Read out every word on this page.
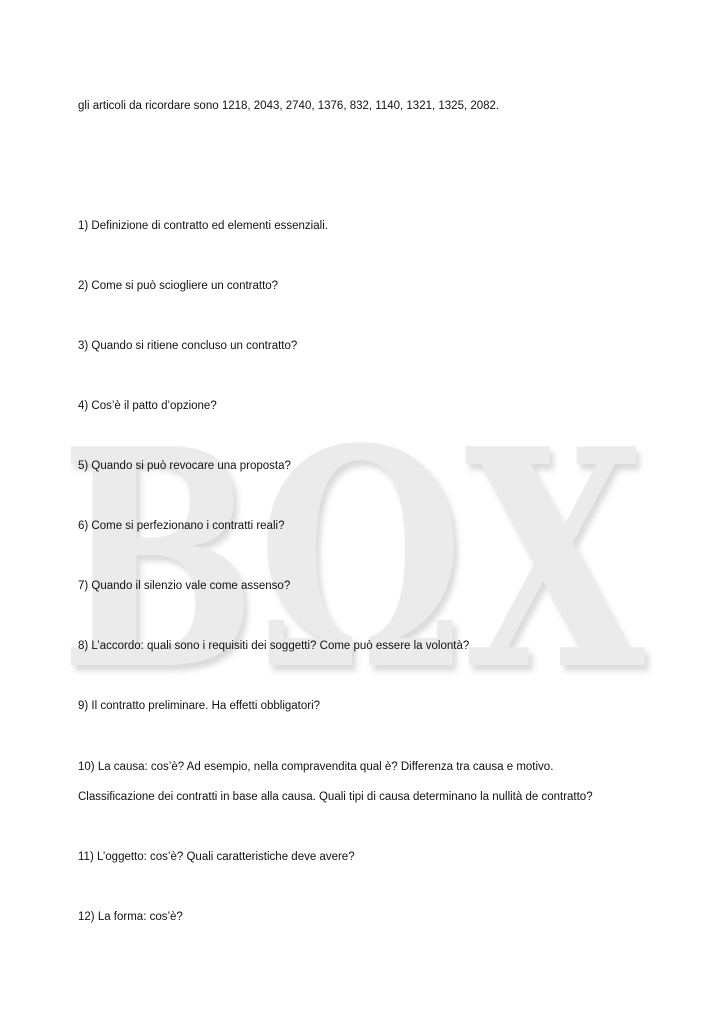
ΒΩΧ
gli articoli da ricordare sono 1218, 2043, 2740, 1376, 832, 1140, 1321, 1325, 2082.
1) Definizione di contratto ed elementi essenziali.
2) Come si può sciogliere un contratto?
3) Quando si ritiene concluso un contratto?
4) Cos’è il patto d’opzione?
5) Quando si può revocare una proposta?
6) Come si perfezionano i contratti reali?
7) Quando il silenzio vale come assenso?
8) L’accordo: quali sono i requisiti dei soggetti? Come può essere la volontà?
9) Il contratto preliminare. Ha effetti obbligatori?
10) La causa: cos’è? Ad esempio, nella compravendita qual è? Differenza tra causa e motivo.
Classificazione dei contratti in base alla causa. Quali tipi di causa determinano la nullità de contratto?
11) L’oggetto: cos’è? Quali caratteristiche deve avere?
12) La forma: cos’è?
